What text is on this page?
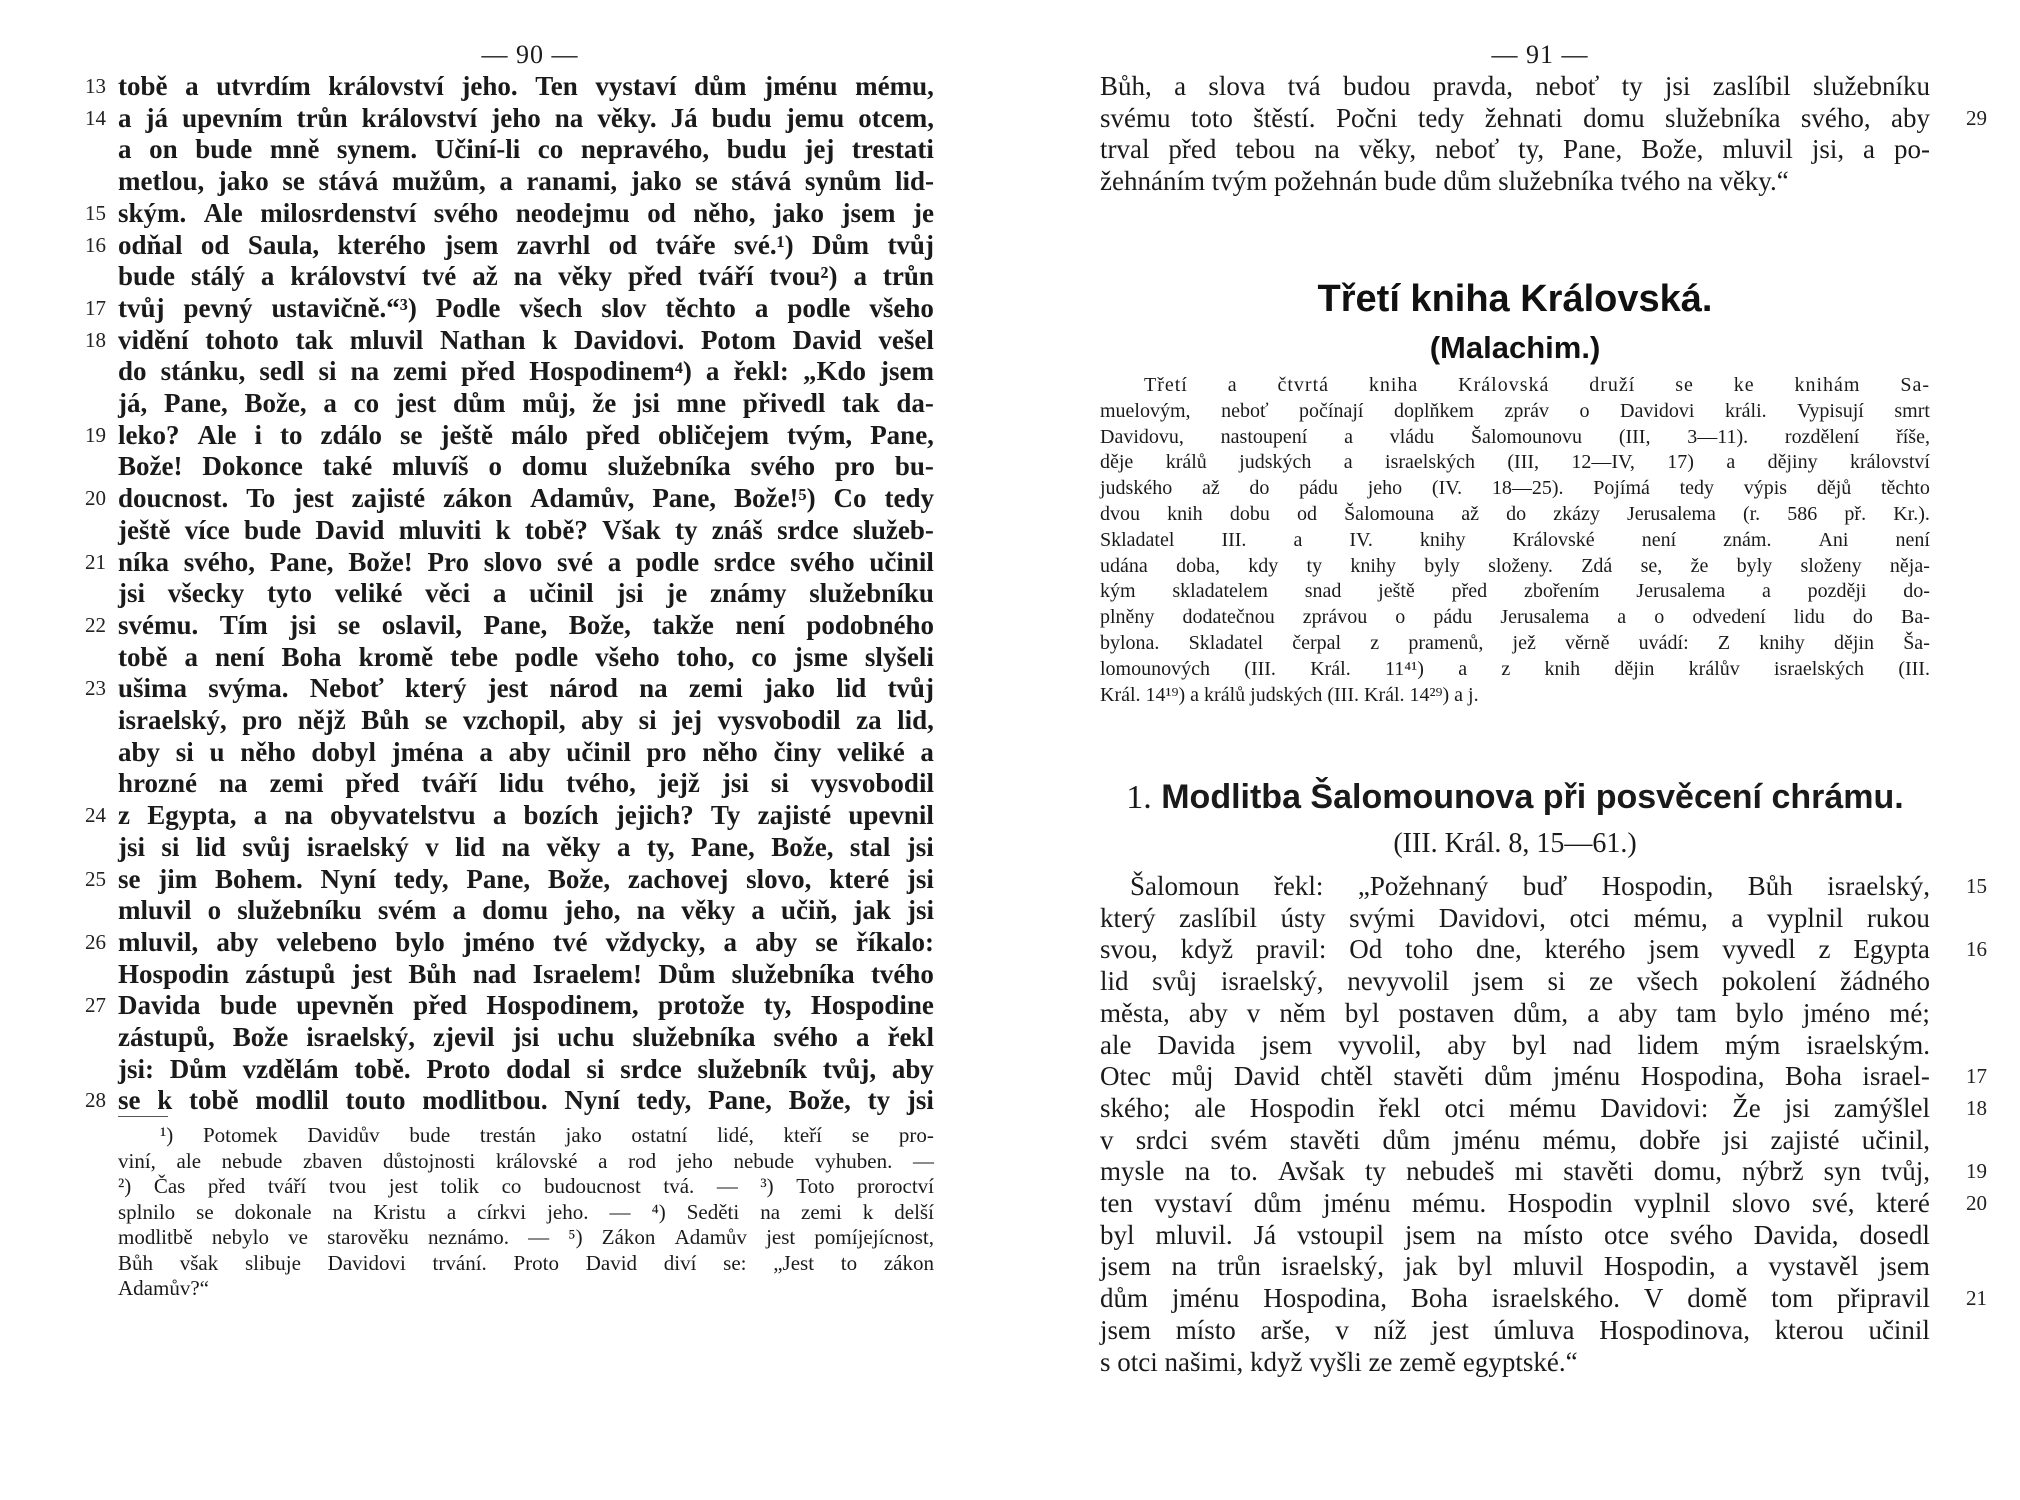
— 90 —
tobě a utvrdím království jeho. Ten vystaví dům jménu mému,
13
a já upevním trůn království jeho na věky. Já budu jemu otcem,
14
a on bude mně synem. Učiní-li co nepravého, budu jej trestati
metlou, jako se stává mužům, a ranami, jako se stává synům lid-
ským. Ale milosrdenství svého neodejmu od něho, jako jsem je
15
odňal od Saula, kterého jsem zavrhl od tváře své.¹) Dům tvůj
16
bude stálý a království tvé až na věky před tváří tvou²) a trůn
tvůj pevný ustavičně.“³) Podle všech slov těchto a podle všeho
17
vidění tohoto tak mluvil Nathan k Davidovi. Potom David vešel
18
do stánku, sedl si na zemi před Hospodinem⁴) a řekl: „Kdo jsem
já, Pane, Bože, a co jest dům můj, že jsi mne přivedl tak da-
leko? Ale i to zdálo se ještě málo před obličejem tvým, Pane,
19
Bože! Dokonce také mluvíš o domu služebníka svého pro bu-
doucnost. To jest zajisté zákon Adamův, Pane, Bože!⁵) Co tedy
20
ještě více bude David mluviti k tobě? Však ty znáš srdce služeb-
níka svého, Pane, Bože! Pro slovo své a podle srdce svého učinil
21
jsi všecky tyto veliké věci a učinil jsi je známy služebníku
svému. Tím jsi se oslavil, Pane, Bože, takže není podobného
22
tobě a není Boha kromě tebe podle všeho toho, co jsme slyšeli
ušima svýma. Neboť který jest národ na zemi jako lid tvůj
23
israelský, pro nějž Bůh se vzchopil, aby si jej vysvobodil za lid,
aby si u něho dobyl jména a aby učinil pro něho činy veliké a
hrozné na zemi před tváří lidu tvého, jejž jsi si vysvobodil
z Egypta, a na obyvatelstvu a bozích jejich? Ty zajisté upevnil
24
jsi si lid svůj israelský v lid na věky a ty, Pane, Bože, stal jsi
se jim Bohem. Nyní tedy, Pane, Bože, zachovej slovo, které jsi
25
mluvil o služebníku svém a domu jeho, na věky a učiň, jak jsi
mluvil, aby velebeno bylo jméno tvé vždycky, a aby se říkalo:
26
Hospodin zástupů jest Bůh nad Israelem! Dům služebníka tvého
Davida bude upevněn před Hospodinem, protože ty, Hospodine
27
zástupů, Bože israelský, zjevil jsi uchu služebníka svého a řekl
jsi: Dům vzdělám tobě. Proto dodal si srdce služebník tvůj, aby
se k tobě modlil touto modlitbou. Nyní tedy, Pane, Bože, ty jsi
28
¹) Potomek Davidův bude trestán jako ostatní lidé, kteří se pro-
viní, ale nebude zbaven důstojnosti královské a rod jeho nebude vyhuben. —
²) Čas před tváří tvou jest tolik co budoucnost tvá. — ³) Toto proroctví
splnilo se dokonale na Kristu a církvi jeho. — ⁴) Seděti na zemi k delší
modlitbě nebylo ve starověku neznámo. — ⁵) Zákon Adamův jest pomíjejícnost,
Bůh však slibuje Davidovi trvání. Proto David diví se: „Jest to zákon
Adamův?“
— 91 —
Bůh, a slova tvá budou pravda, neboť ty jsi zaslíbil služebníku
svému toto štěstí. Počni tedy žehnati domu služebníka svého, aby 29
trval před tebou na věky, neboť ty, Pane, Bože, mluvil jsi, a po-
žehnáním tvým požehnán bude dům služebníka tvého na věky.“
Třetí kniha Královská.
(Malachim.)
Třetí a čtvrtá kniha Královská druží se ke knihám Sa-
muelovým, neboť počínají doplňkem zpráv o Davidovi králi. Vypisují smrt
Davidovu, nastoupení a vládu Šalomounovu (III, 3—11). rozdělení říše,
děje králů judských a israelských (III, 12—IV, 17) a dějiny království
judského až do pádu jeho (IV. 18—25). Pojímá tedy výpis dějů těchto
dvou knih dobu od Šalomouna až do zkázy Jerusalema (r. 586 př. Kr.).
Skladatel III. a IV. knihy Královské není znám. Ani není
udána doba, kdy ty knihy byly složeny. Zdá se, že byly složeny něja-
kým skladatelem snad ještě před zbořením Jerusalema a později do-
plněny dodatečnou zprávou o pádu Jerusalema a o odvedení lidu do Ba-
bylona. Skladatel čerpal z pramenů, jež věrně uvádí: Z knihy dějin Ša-
lomounových (III. Král. 11⁴¹) a z knih dějin králův israelských (III.
Král. 14¹⁹) a králů judských (III. Král. 14²⁹) a j.
1. Modlitba Šalomounova při posvěcení chrámu.
(III. Král. 8, 15—61.)
Šalomoun řekl: „Požehnaný buď Hospodin, Bůh israelský, 15
který zaslíbil ústy svými Davidovi, otci mému, a vyplnil rukou
svou, když pravil: Od toho dne, kterého jsem vyvedl z Egypta 16
lid svůj israelský, nevyvolil jsem si ze všech pokolení žádného
města, aby v něm byl postaven dům, a aby tam bylo jméno mé;
ale Davida jsem vyvolil, aby byl nad lidem mým israelským.
Otec můj David chtěl stavěti dům jménu Hospodina, Boha israel- 17
ského; ale Hospodin řekl otci mému Davidovi: Že jsi zamýšlel 18
v srdci svém stavěti dům jménu mému, dobře jsi zajisté učinil,
mysle na to. Avšak ty nebudeš mi stavěti domu, nýbrž syn tvůj, 19
ten vystaví dům jménu mému. Hospodin vyplnil slovo své, které 20
byl mluvil. Já vstoupil jsem na místo otce svého Davida, dosedl
jsem na trůn israelský, jak byl mluvil Hospodin, a vystavěl jsem
dům jménu Hospodina, Boha israelského. V domě tom připravil 21
jsem místo arše, v níž jest úmluva Hospodinova, kterou učinil
s otci našimi, když vyšli ze země egyptské.“
